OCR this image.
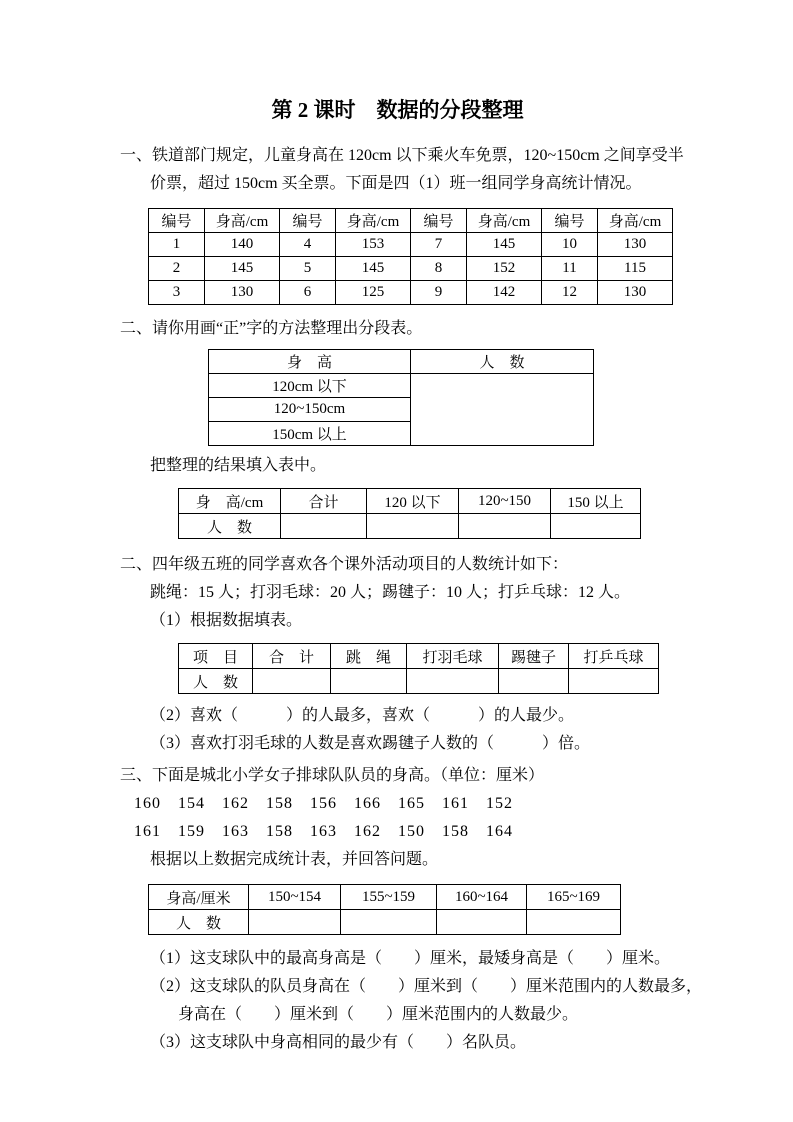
第 2 课时　数据的分段整理
一、铁道部门规定，儿童身高在 120cm 以下乘火车免票，120~150cm 之间享受半
价票，超过 150cm 买全票。下面是四（1）班一组同学身高统计情况。
编号	身高/cm	编号	身高/cm	编号	身高/cm	编号	身高/cm
1	140	4	153	7	145	10	130
2	145	5	145	8	152	11	115
3	130	6	125	9	142	12	130
二、请你用画“正”字的方法整理出分段表。
身　高	人　数
120cm 以下	
120~150cm	
150cm 以上	
把整理的结果填入表中。
身　高/cm	合计	120 以下	120~150	150 以上
人　数				
二、四年级五班的同学喜欢各个课外活动项目的人数统计如下：
跳绳：15 人；打羽毛球：20 人；踢毽子：10 人；打乒乓球：12 人。
（1）根据数据填表。
项　目	合　计	跳　绳	打羽毛球	踢毽子	打乒乓球
人　数					
（2）喜欢（　　　）的人最多，喜欢（　　　）的人最少。
（3）喜欢打羽毛球的人数是喜欢踢毽子人数的（　　　）倍。
三、下面是城北小学女子排球队队员的身高。（单位：厘米）
160　154　162　158　156　166　165　161　152
161　159　163　158　163　162　150　158　164
根据以上数据完成统计表，并回答问题。
身高/厘米	150~154	155~159	160~164	165~169
人　数				
（1）这支球队中的最高身高是（　　）厘米，最矮身高是（　　）厘米。
（2）这支球队的队员身高在（　　）厘米到（　　）厘米范围内的人数最多，
身高在（　　）厘米到（　　）厘米范围内的人数最少。
（3）这支球队中身高相同的最少有（　　）名队员。
